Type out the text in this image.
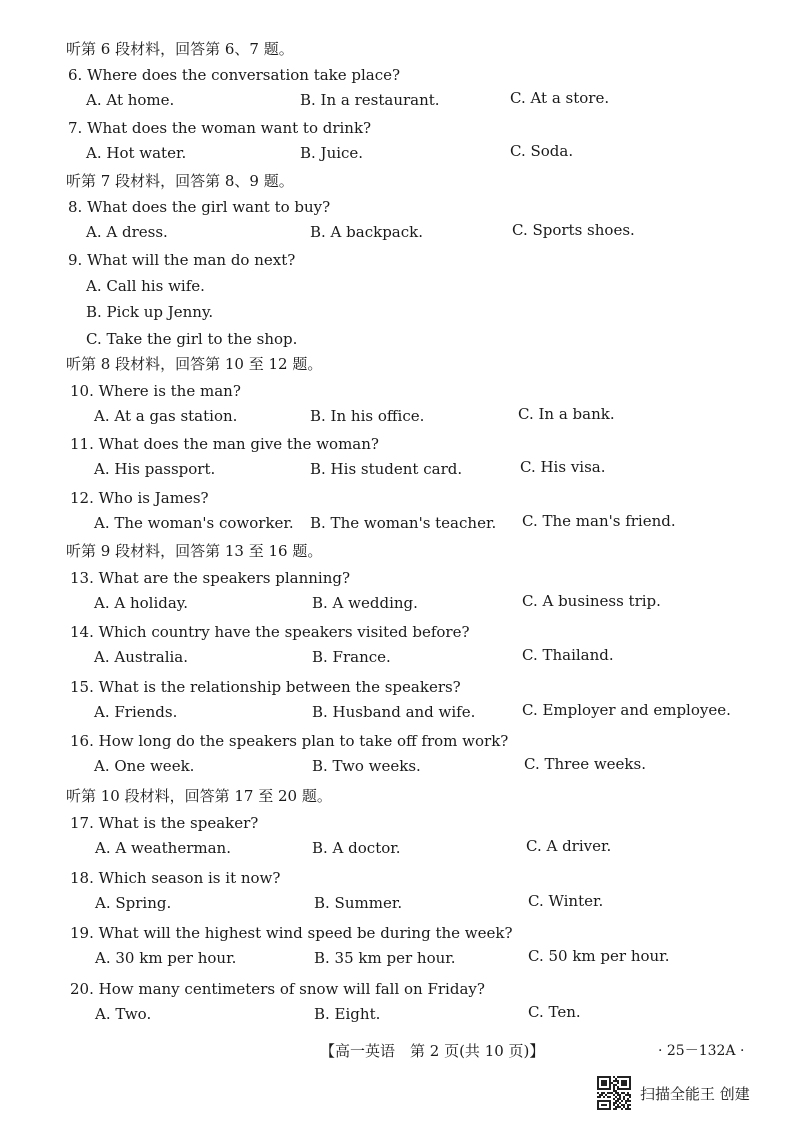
听第 6 段材料，回答第 6、7 题。
听第 7 段材料，回答第 8、9 题。
听第 8 段材料，回答第 10 至 12 题。
听第 9 段材料，回答第 13 至 16 题。
听第 10 段材料，回答第 17 至 20 题。
6. Where does the conversation take place?
A. At home.	B. In a restaurant.	C. At a store.
7. What does the woman want to drink?
A. Hot water.	B. Juice.	C. Soda.
8. What does the girl want to buy?
A. A dress.	B. A backpack.	C. Sports shoes.
9. What will the man do next?
A. Call his wife.
B. Pick up Jenny.
C. Take the girl to the shop.
10. Where is the man?
A. At a gas station.	B. In his office.	C. In a bank.
11. What does the man give the woman?
A. His passport.	B. His student card.	C. His visa.
12. Who is James?
A. The woman's coworker. B. The woman's teacher. C. The man's friend.
13. What are the speakers planning?
A. A holiday.	B. A wedding.	C. A business trip.
14. Which country have the speakers visited before?
A. Australia.	B. France.	C. Thailand.
15. What is the relationship between the speakers?
A. Friends.	B. Husband and wife.	C. Employer and employee.
16. How long do the speakers plan to take off from work?
A. One week.	B. Two weeks.	C. Three weeks.
17. What is the speaker?
A. A weatherman.	B. A doctor.	C. A driver.
18. Which season is it now?
A. Spring.	B. Summer.	C. Winter.
19. What will the highest wind speed be during the week?
A. 30 km per hour.	B. 35 km per hour.	C. 50 km per hour.
20. How many centimeters of snow will fall on Friday?
A. Two.	B. Eight.	C. Ten.
【高一英语　第 2 页(共 10 页)】	· 25－132A ·
扫描全能王 创建
